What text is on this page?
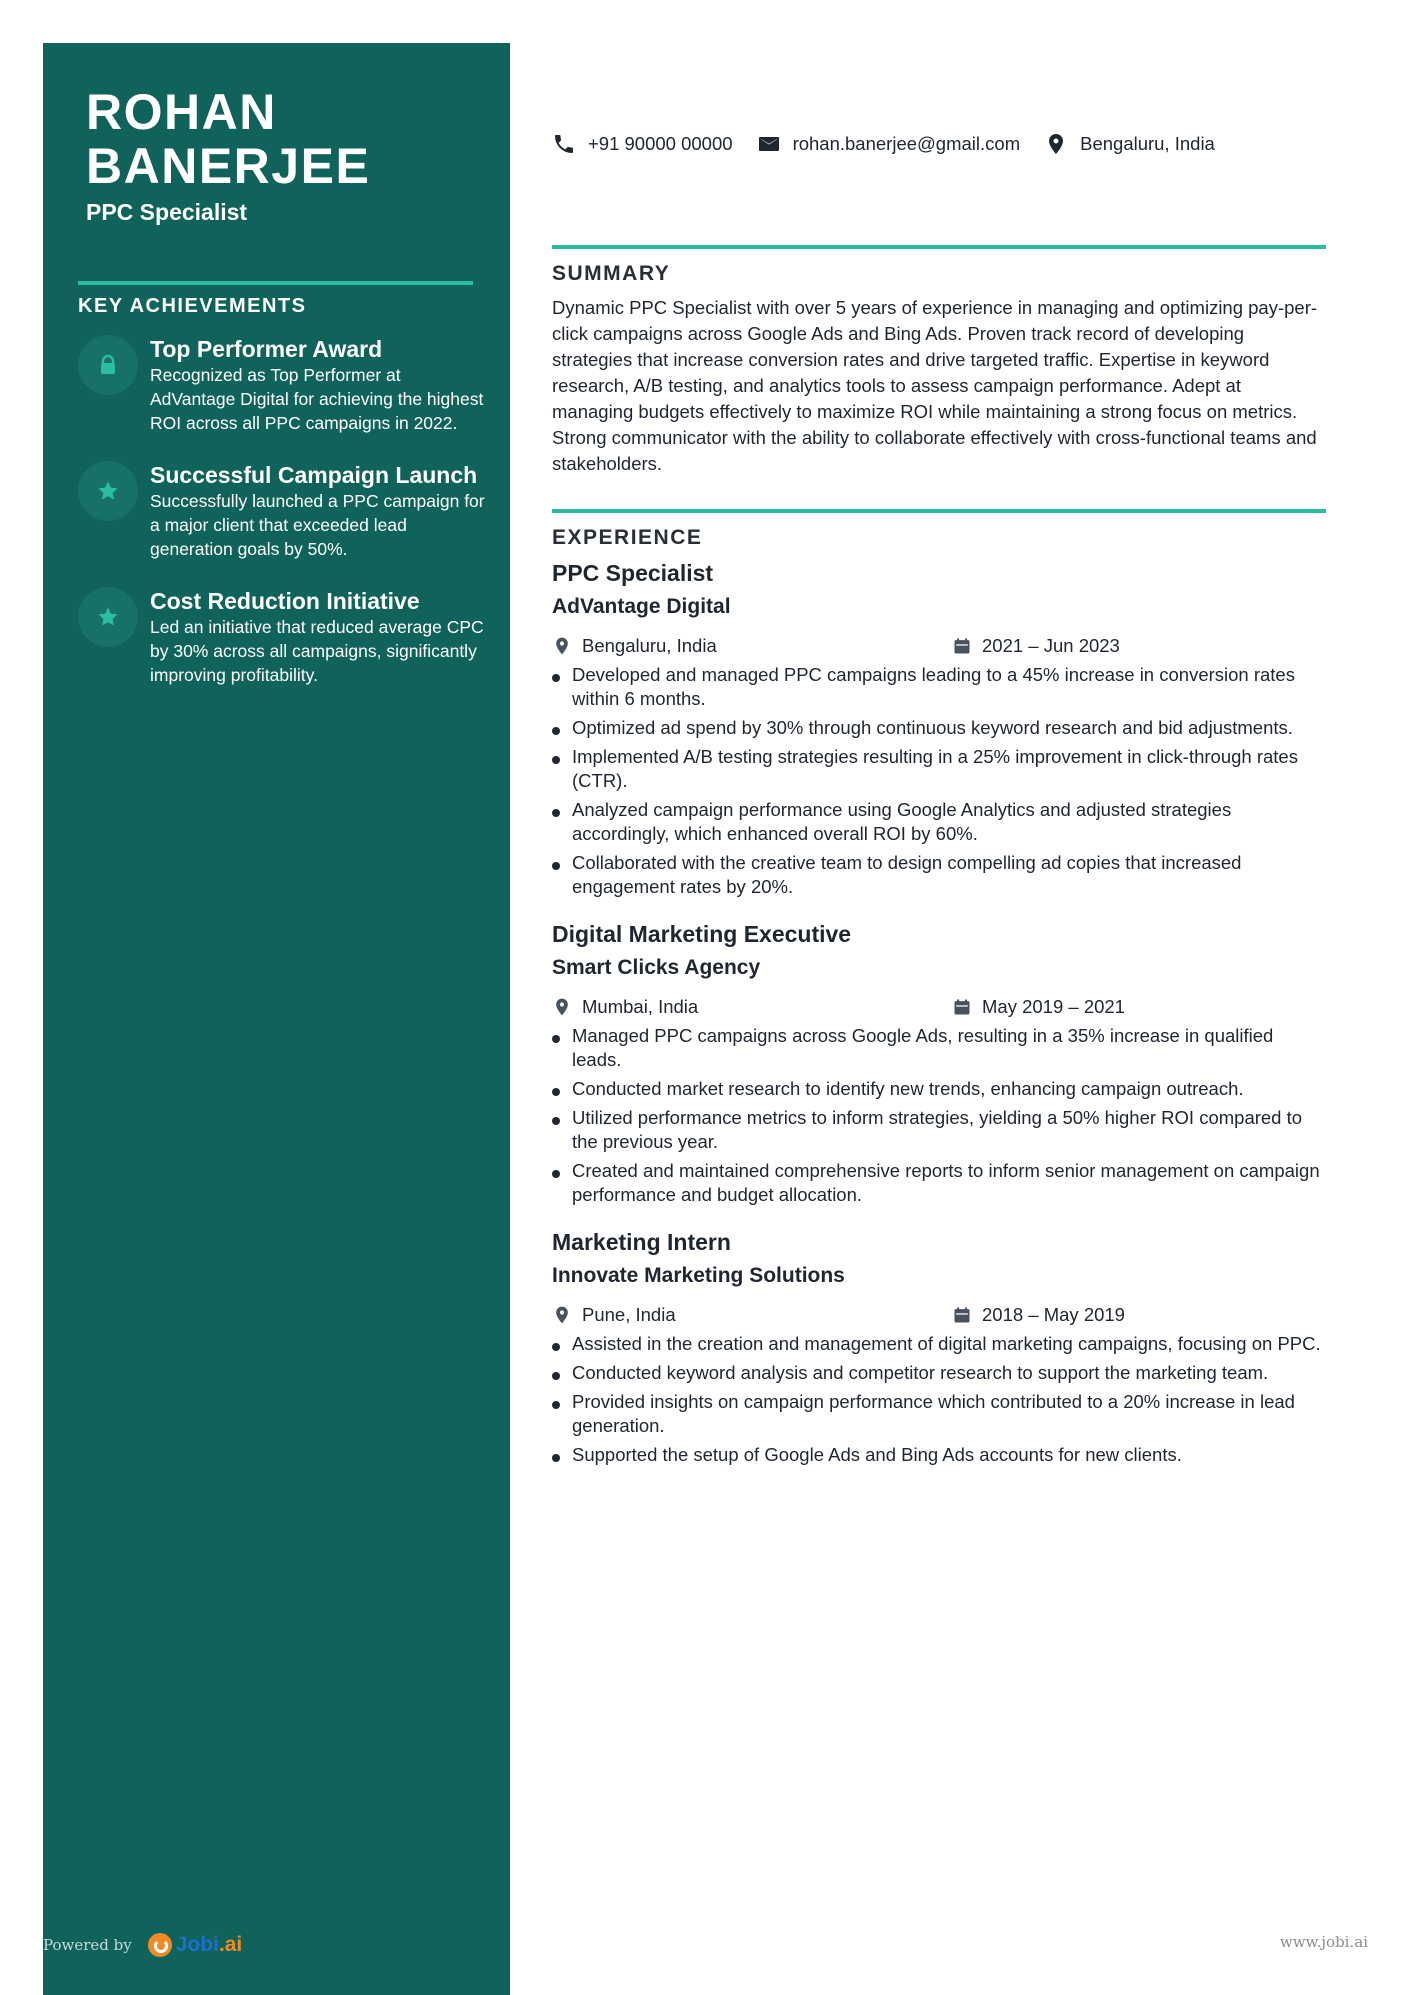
ROHAN
BANERJEE
PPC Specialist
KEY ACHIEVEMENTS
Top Performer Award
Recognized as Top Performer at AdVantage Digital for achieving the highest ROI across all PPC campaigns in 2022.
Successful Campaign Launch
Successfully launched a PPC campaign for a major client that exceeded lead generation goals by 50%.
Cost Reduction Initiative
Led an initiative that reduced average CPC by 30% across all campaigns, significantly improving profitability.
Powered by Jobi.ai	www.jobi.ai
+91 90000 00000	rohan.banerjee@gmail.com	Bengaluru, India
SUMMARY

Dynamic PPC Specialist with over 5 years of experience in managing and optimizing pay-per-click campaigns across Google Ads and Bing Ads. Proven track record of developing strategies that increase conversion rates and drive targeted traffic. Expertise in keyword research, A/B testing, and analytics tools to assess campaign performance. Adept at managing budgets effectively to maximize ROI while maintaining a strong focus on metrics. Strong communicator with the ability to collaborate effectively with cross-functional teams and stakeholders.

EXPERIENCE
PPC Specialist
AdVantage Digital
Bengaluru, India	2021 – Jun 2023
Developed and managed PPC campaigns leading to a 45% increase in conversion rates within 6 months.
Optimized ad spend by 30% through continuous keyword research and bid adjustments.
Implemented A/B testing strategies resulting in a 25% improvement in click-through rates (CTR).
Analyzed campaign performance using Google Analytics and adjusted strategies accordingly, which enhanced overall ROI by 60%.
Collaborated with the creative team to design compelling ad copies that increased engagement rates by 20%.
Digital Marketing Executive
Smart Clicks Agency
Mumbai, India	May 2019 – 2021
Managed PPC campaigns across Google Ads, resulting in a 35% increase in qualified leads.
Conducted market research to identify new trends, enhancing campaign outreach.
Utilized performance metrics to inform strategies, yielding a 50% higher ROI compared to the previous year.
Created and maintained comprehensive reports to inform senior management on campaign performance and budget allocation.
Marketing Intern
Innovate Marketing Solutions
Pune, India	2018 – May 2019
Assisted in the creation and management of digital marketing campaigns, focusing on PPC.
Conducted keyword analysis and competitor research to support the marketing team.
Provided insights on campaign performance which contributed to a 20% increase in lead generation.
Supported the setup of Google Ads and Bing Ads accounts for new clients.
